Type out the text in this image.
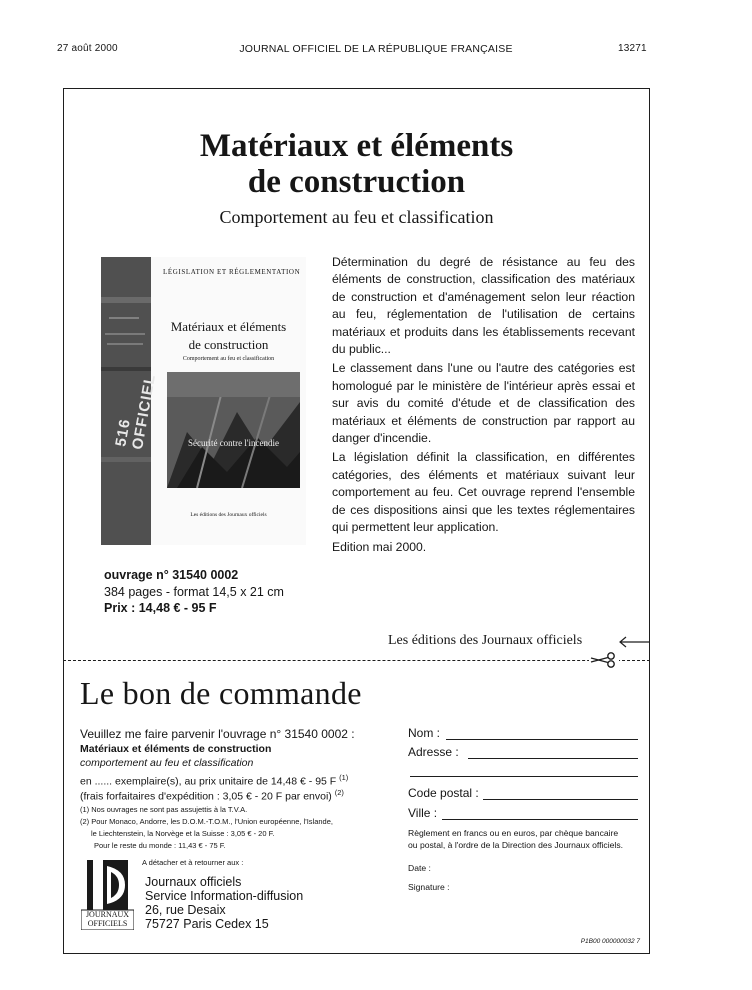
27 août 2000	JOURNAL OFFICIEL DE LA RÉPUBLIQUE FRANÇAISE	13271
Matériaux et éléments
de construction
Comportement au feu et classification
516 OFFICIEL
LÉGISLATION ET RÉGLEMENTATION
Matériaux et éléments
de construction
Comportement au feu et classification
Sécurité contre l'incendie
Les éditions des Journaux officiels

Détermination du degré de résistance au feu des éléments de construction, classification des matériaux de construction et d'aménagement selon leur réaction au feu, réglementation de l'utilisation de certains matériaux et produits dans les établissements recevant du public...

Le classement dans l'une ou l'autre des catégories est homologué par le ministère de l'intérieur après essai et sur avis du comité d'étude et de classification des matériaux et éléments de construction par rapport au danger d'incendie.

La législation définit la classification, en différentes catégories, des éléments et matériaux suivant leur comportement au feu. Cet ouvrage reprend l'ensemble de ces dispositions ainsi que les textes réglementaires qui permettent leur application.

Edition mai 2000.

ouvrage n° 31540 0002
384 pages - format 14,5 x 21 cm
Prix : 14,48 € - 95 F
Les éditions des Journaux officiels
Le bon de commande
Veuillez me faire parvenir l'ouvrage n° 31540 0002 :
Matériaux et éléments de construction
comportement au feu et classification
en ...... exemplaire(s), au prix unitaire de 14,48 € - 95 F $^{(1)}$
(frais forfaitaires d'expédition : 3,05 € - 20 F par envoi) $^{(2)}$
(1) Nos ouvrages ne sont pas assujettis à la T.V.A.
(2) Pour Monaco, Andorre, les D.O.M.-T.O.M., l'Union européenne, l'Islande,
le Liechtenstein, la Norvège et la Suisse : 3,05 € - 20 F.
Pour le reste du monde : 11,43 € - 75 F.
JOURNAUX
OFFICIELS
A détacher et à retourner aux :
Journaux officiels
Service Information-diffusion
26, rue Desaix
75727 Paris Cedex 15
Nom :
Adresse :
Code postal :
Ville :
Règlement en francs ou en euros, par chèque bancaire
ou postal, à l'ordre de la Direction des Journaux officiels.
Date :
Signature :
P1B00 000000032 7
